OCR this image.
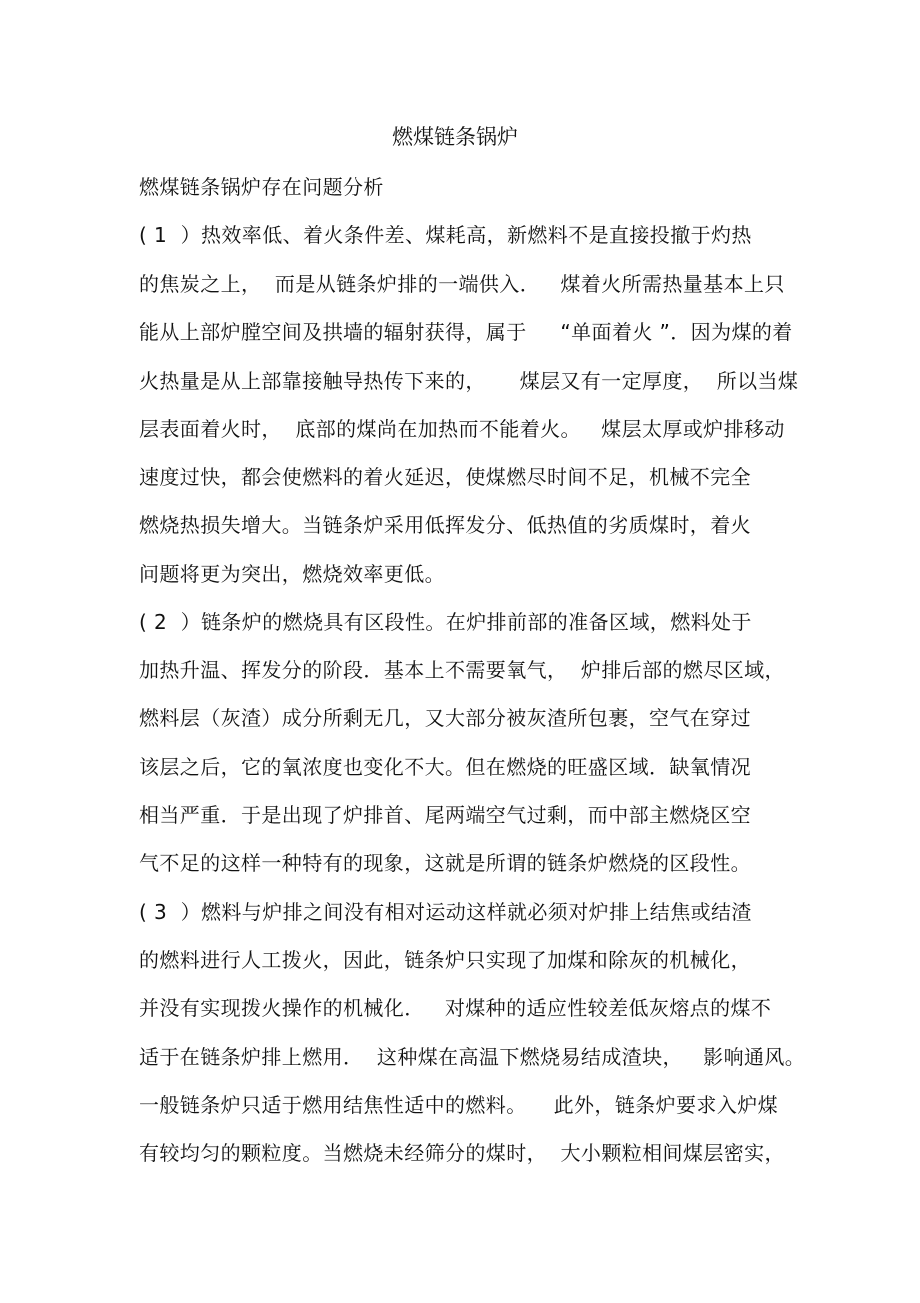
燃煤链条锅炉
燃煤链条锅炉存在问题分析
( 1  ）热效率低、着火条件差、煤耗高，新燃料不是直接投撤于灼热
的焦炭之上，  而是从链条炉排的一端供入．   煤着火所需热量基本上只
能从上部炉膛空间及拱墙的辐射获得，属于     “单面着火 ”．因为煤的着
火热量是从上部靠接触导热传下来的，     煤层又有一定厚度，  所以当煤
层表面着火时，  底部的煤尚在加热而不能着火。   煤层太厚或炉排移动
速度过快，都会使燃料的着火延迟，使煤燃尽时间不足，机械不完全
燃烧热损失增大。当链条炉采用低挥发分、低热值的劣质煤时，着火
问题将更为突出，燃烧效率更低。
( 2  ）链条炉的燃烧具有区段性。在炉排前部的准备区域，燃料处于
加热升温、挥发分的阶段．基本上不需要氧气，  炉排后部的燃尽区域，
燃料层（灰渣）成分所剩无几，又大部分被灰渣所包裹，空气在穿过
该层之后，它的氧浓度也变化不大。但在燃烧的旺盛区域．缺氧情况
相当严重．于是出现了炉排首、尾两端空气过剩，而中部主燃烧区空
气不足的这样一种特有的现象，这就是所谓的链条炉燃烧的区段性。
( 3  ）燃料与炉排之间没有相对运动这样就必须对炉排上结焦或结渣
的燃料进行人工拨火，因此，链条炉只实现了加煤和除灰的机械化，
并没有实现拨火操作的机械化．   对煤种的适应性较差低灰熔点的煤不
适于在链条炉排上燃用．  这种煤在高温下燃烧易结成渣块，   影响通风。
一般链条炉只适于燃用结焦性适中的燃料。    此外，链条炉要求入炉煤
有较均匀的颗粒度。当燃烧未经筛分的煤时，  大小颗粒相间煤层密实，
